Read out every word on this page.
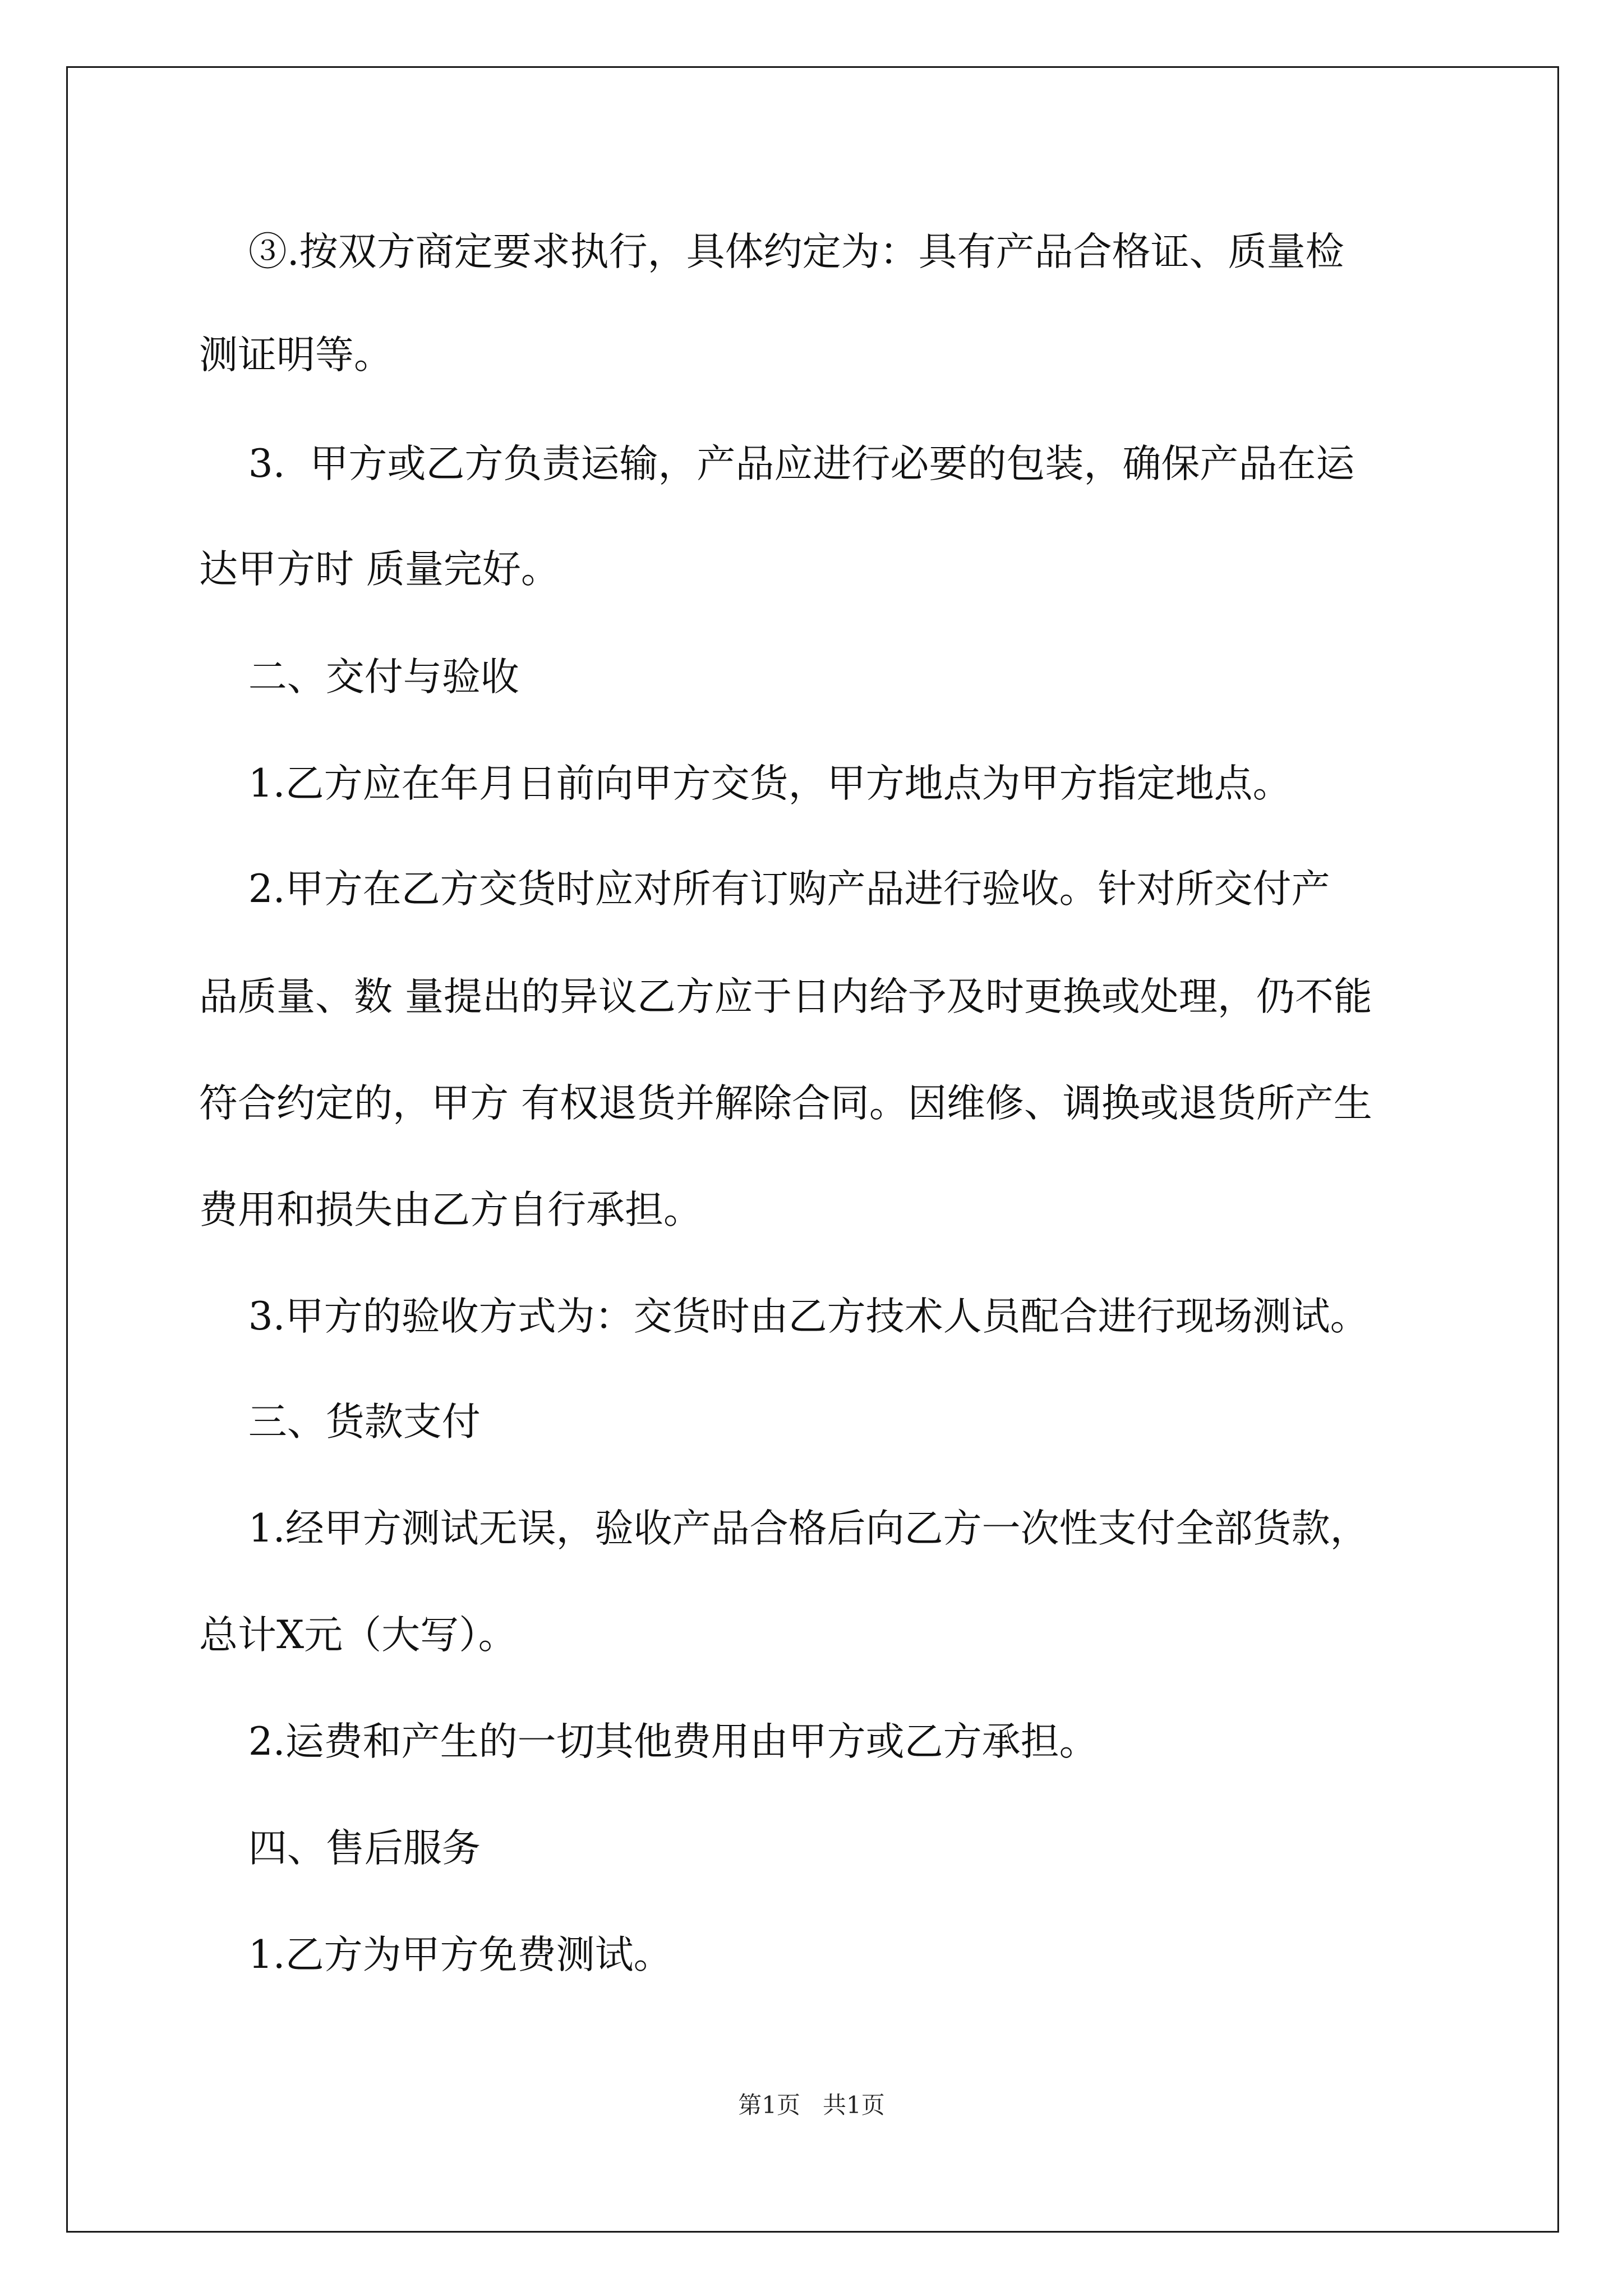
③.按双方商定要求执行，具体约定为：具有产品合格证、质量检
测证明等。
3.  甲方或乙方负责运输，产品应进行必要的包装，确保产品在运
达甲方时 质量完好。
二、交付与验收
1.乙方应在年月日前向甲方交货，甲方地点为甲方指定地点。
2.甲方在乙方交货时应对所有订购产品进行验收。针对所交付产
品质量、数 量提出的异议乙方应于日内给予及时更换或处理，仍不能
符合约定的，甲方 有权退货并解除合同。因维修、调换或退货所产生
费用和损失由乙方自行承担。
3.甲方的验收方式为：交货时由乙方技术人员配合进行现场测试。
三、货款支付
1.经甲方测试无误，验收产品合格后向乙方一次性支付全部货款，
总计X元（大写）。
2.运费和产生的一切其他费用由甲方或乙方承担。
四、售后服务
1.乙方为甲方免费测试。
第1页   共1页
